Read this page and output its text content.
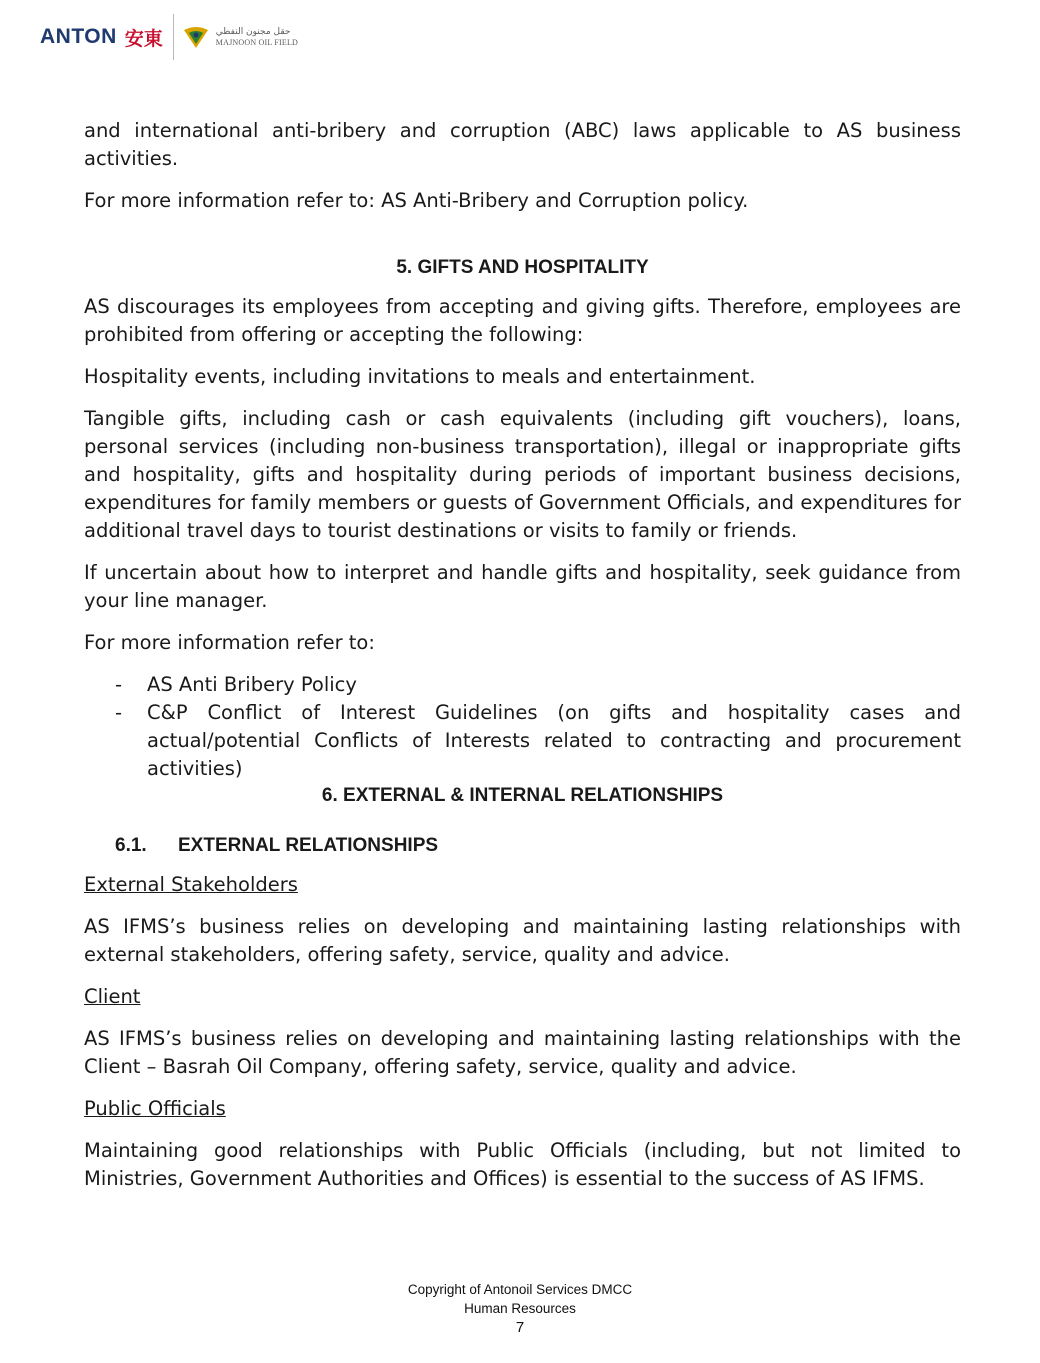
ANTON 安東	حقل مجنون النفطي
MAJNOON OIL FIELD

and international anti-bribery and corruption (ABC) laws applicable to AS business activities.

For more information refer to: AS Anti-Bribery and Corruption policy.

5. GIFTS AND HOSPITALITY

AS discourages its employees from accepting and giving gifts. Therefore, employees are prohibited from offering or accepting the following:

Hospitality events, including invitations to meals and entertainment.

Tangible gifts, including cash or cash equivalents (including gift vouchers), loans, personal services (including non-business transportation), illegal or inappropriate gifts and hospitality, gifts and hospitality during periods of important business decisions, expenditures for family members or guests of Government Officials, and expenditures for additional travel days to tourist destinations or visits to family or friends.

If uncertain about how to interpret and handle gifts and hospitality, seek guidance from your line manager.

For more information refer to:

- AS Anti Bribery Policy
- C&P Conflict of Interest Guidelines (on gifts and hospitality cases and actual/potential Conflicts of Interests related to contracting and procurement activities)
6. EXTERNAL & INTERNAL RELATIONSHIPS
6.1. EXTERNAL RELATIONSHIPS

External Stakeholders

AS IFMS’s business relies on developing and maintaining lasting relationships with external stakeholders, offering safety, service, quality and advice.

Client

AS IFMS’s business relies on developing and maintaining lasting relationships with the Client – Basrah Oil Company, offering safety, service, quality and advice.

Public Officials

Maintaining good relationships with Public Officials (including, but not limited to Ministries, Government Authorities and Offices) is essential to the success of AS IFMS.

Copyright of Antonoil Services DMCC
Human Resources
7
